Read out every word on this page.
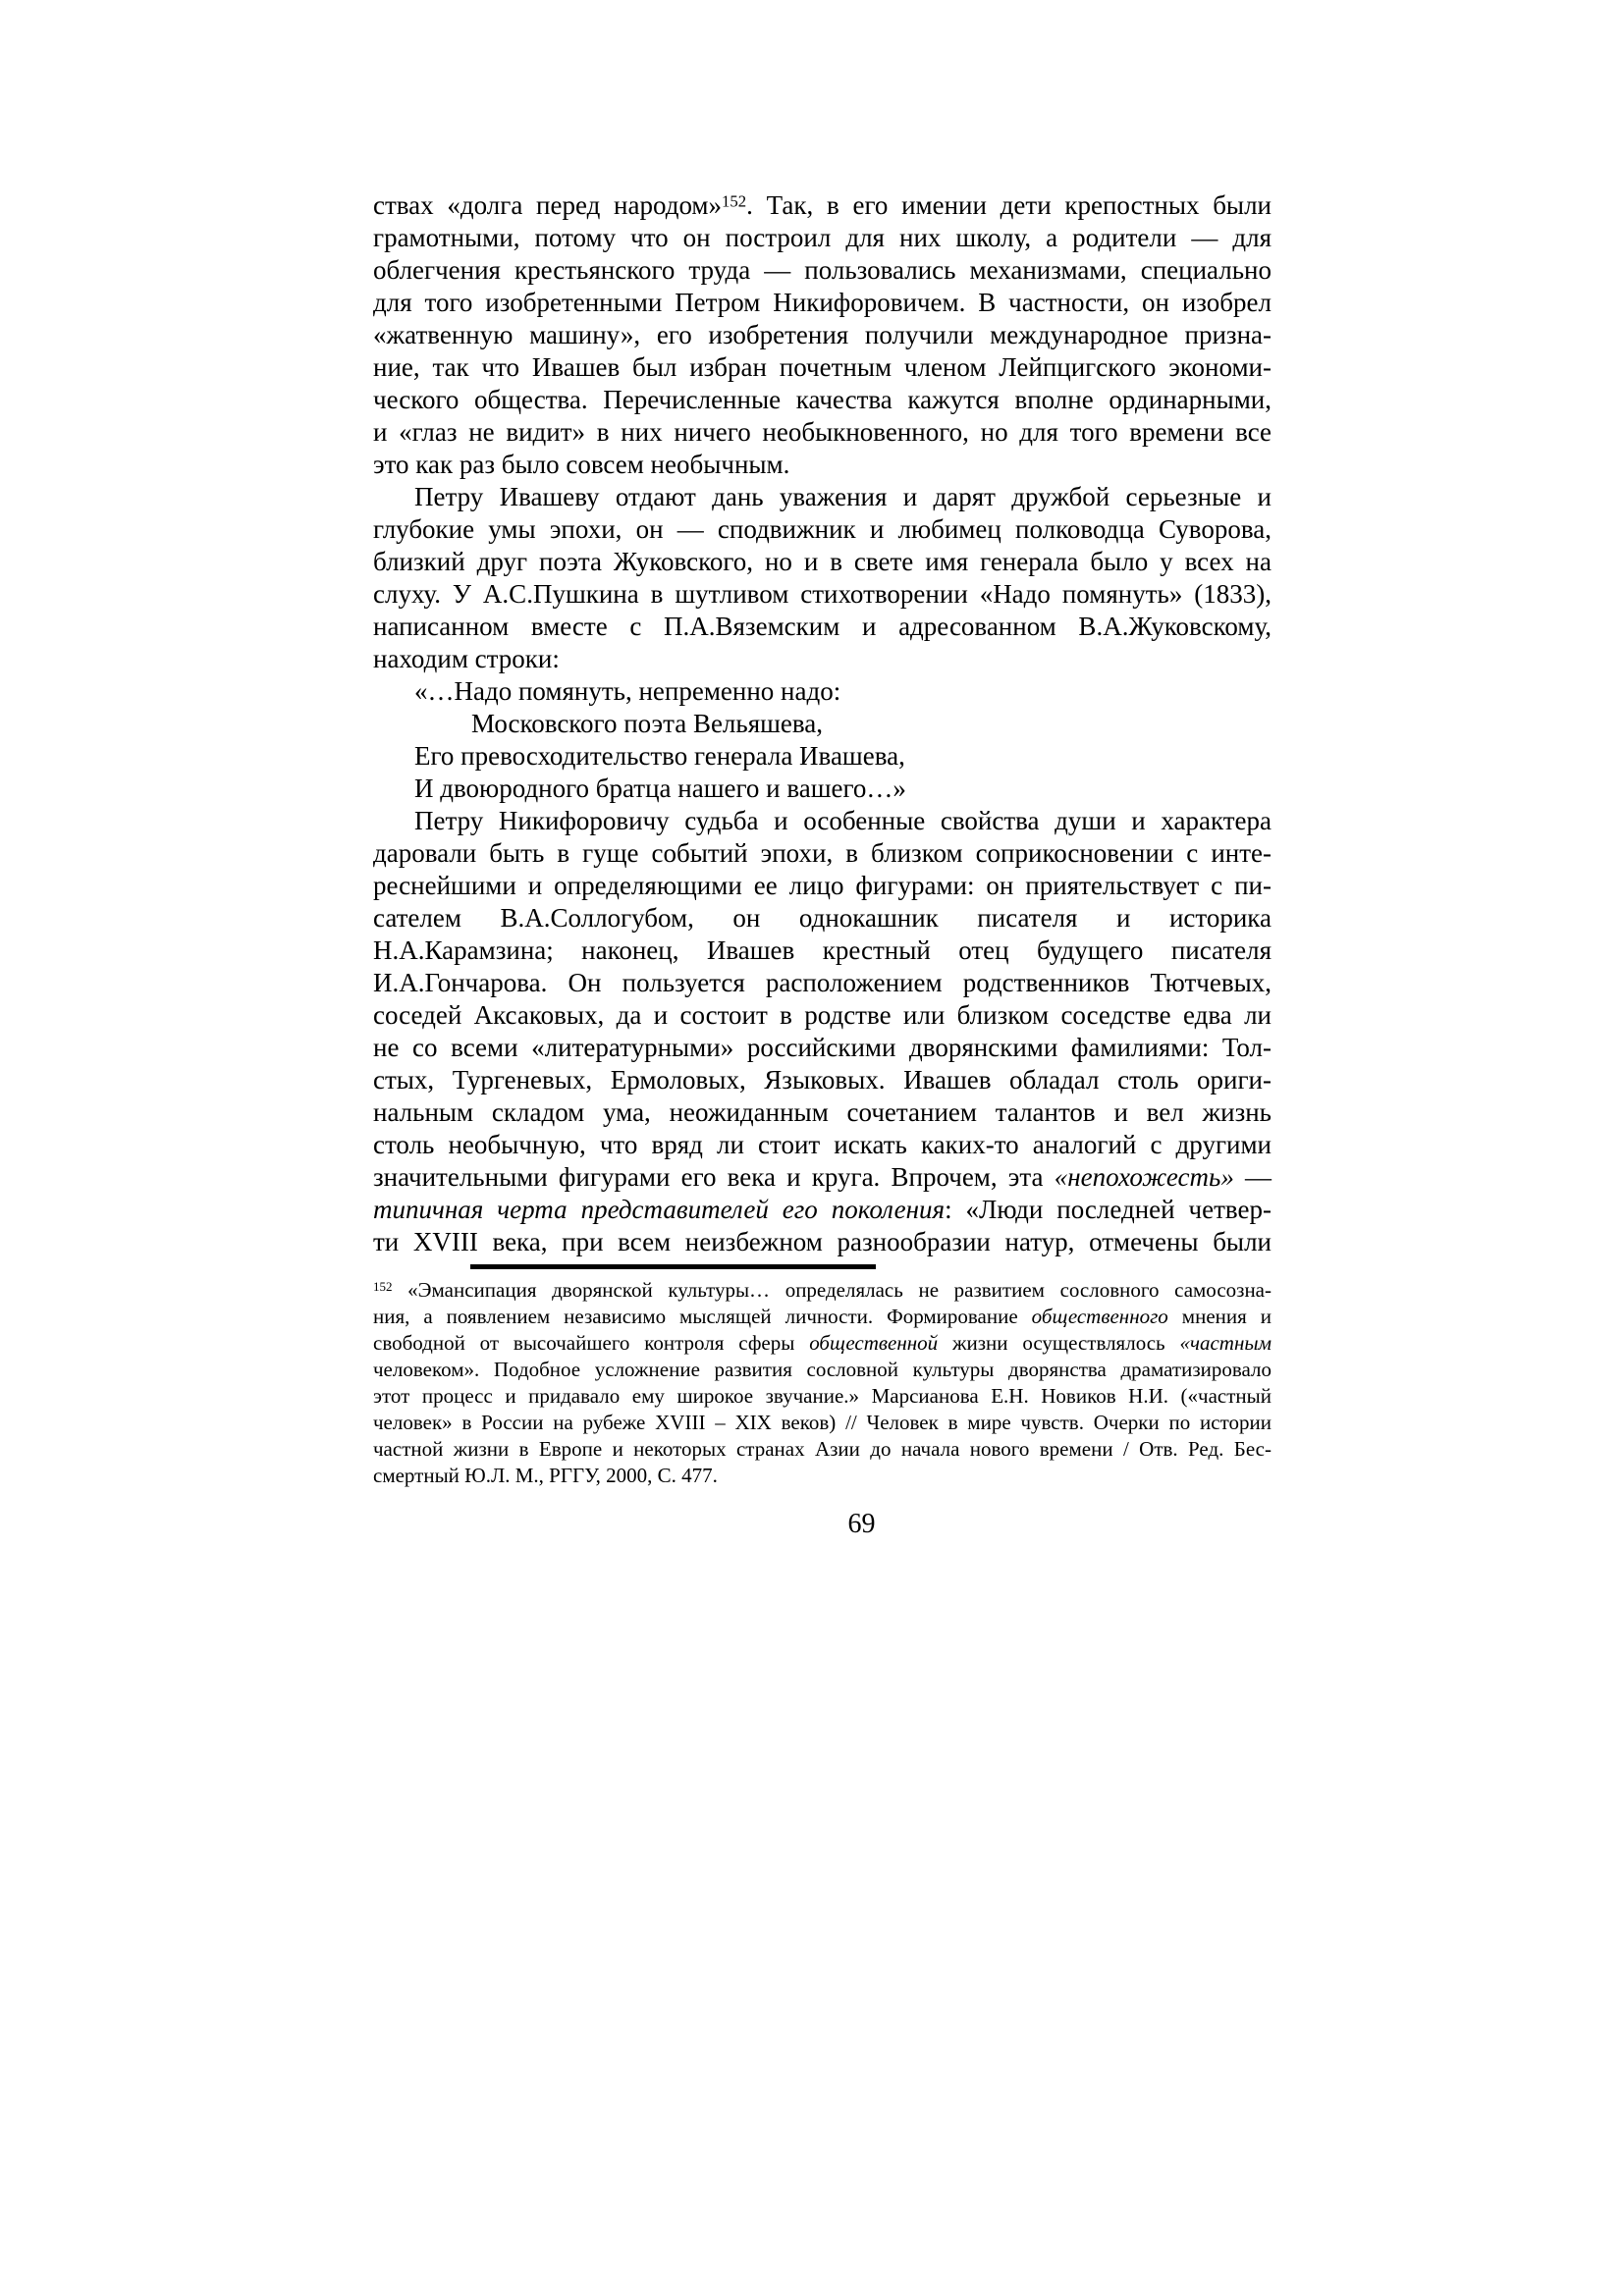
ствах «долга перед народом»$^{152}$. Так, в его имении дети крепостных были
грамотными, потому что он построил для них школу, а родители — для
облегчения крестьянского труда — пользовались механизмами, специально
для того изобретенными Петром Никифоровичем. В частности, он изобрел
«жатвенную машину», его изобретения получили международное призна-
ние, так что Ивашев был избран почетным членом Лейпцигского экономи-
ческого общества. Перечисленные качества кажутся вполне ординарными,
и «глаз не видит» в них ничего необыкновенного, но для того времени все
это как раз было совсем необычным.
Петру Ивашеву отдают дань уважения и дарят дружбой серьезные и
глубокие умы эпохи, он — сподвижник и любимец полководца Суворова,
близкий друг поэта Жуковского, но и в свете имя генерала было у всех на
слуху. У А.С.Пушкина в шутливом стихотворении «Надо помянуть» (1833),
написанном вместе с П.А.Вяземским и адресованном В.А.Жуковскому,
находим строки:
«…Надо помянуть, непременно надо:
Московского поэта Вельяшева,
Его превосходительство генерала Ивашева,
И двоюродного братца нашего и вашего…»
Петру Никифоровичу судьба и особенные свойства души и характера
даровали быть в гуще событий эпохи, в близком соприкосновении с инте-
реснейшими и определяющими ее лицо фигурами: он приятельствует с пи-
сателем В.А.Соллогубом, он однокашник писателя и историка
Н.А.Карамзина; наконец, Ивашев крестный отец будущего писателя
И.А.Гончарова. Он пользуется расположением родственников Тютчевых,
соседей Аксаковых, да и состоит в родстве или близком соседстве едва ли
не со всеми «литературными» российскими дворянскими фамилиями: Тол-
стых, Тургеневых, Ермоловых, Языковых. Ивашев обладал столь ориги-
нальным складом ума, неожиданным сочетанием талантов и вел жизнь
столь необычную, что вряд ли стоит искать каких-то аналогий с другими
значительными фигурами его века и круга. Впрочем, эта «непохожесть» —
типичная черта представителей его поколения: «Люди последней четвер-
ти XVIII века, при всем неизбежном разнообразии натур, отмечены были
$^{152}$ «Эмансипация дворянской культуры… определялась не развитием сословного самосозна-
ния, а появлением независимо мыслящей личности. Формирование общественного мнения и
свободной от высочайшего контроля сферы общественной жизни осуществлялось «частным
человеком». Подобное усложнение развития сословной культуры дворянства драматизировало
этот процесс и придавало ему широкое звучание.» Марсианова Е.Н. Новиков Н.И. («частный
человек» в России на рубеже XVIII – XIX веков) // Человек в мире чувств. Очерки по истории
частной жизни в Европе и некоторых странах Азии до начала нового времени / Отв. Ред. Бес-
смертный Ю.Л. М., РГГУ, 2000, С. 477.
69
